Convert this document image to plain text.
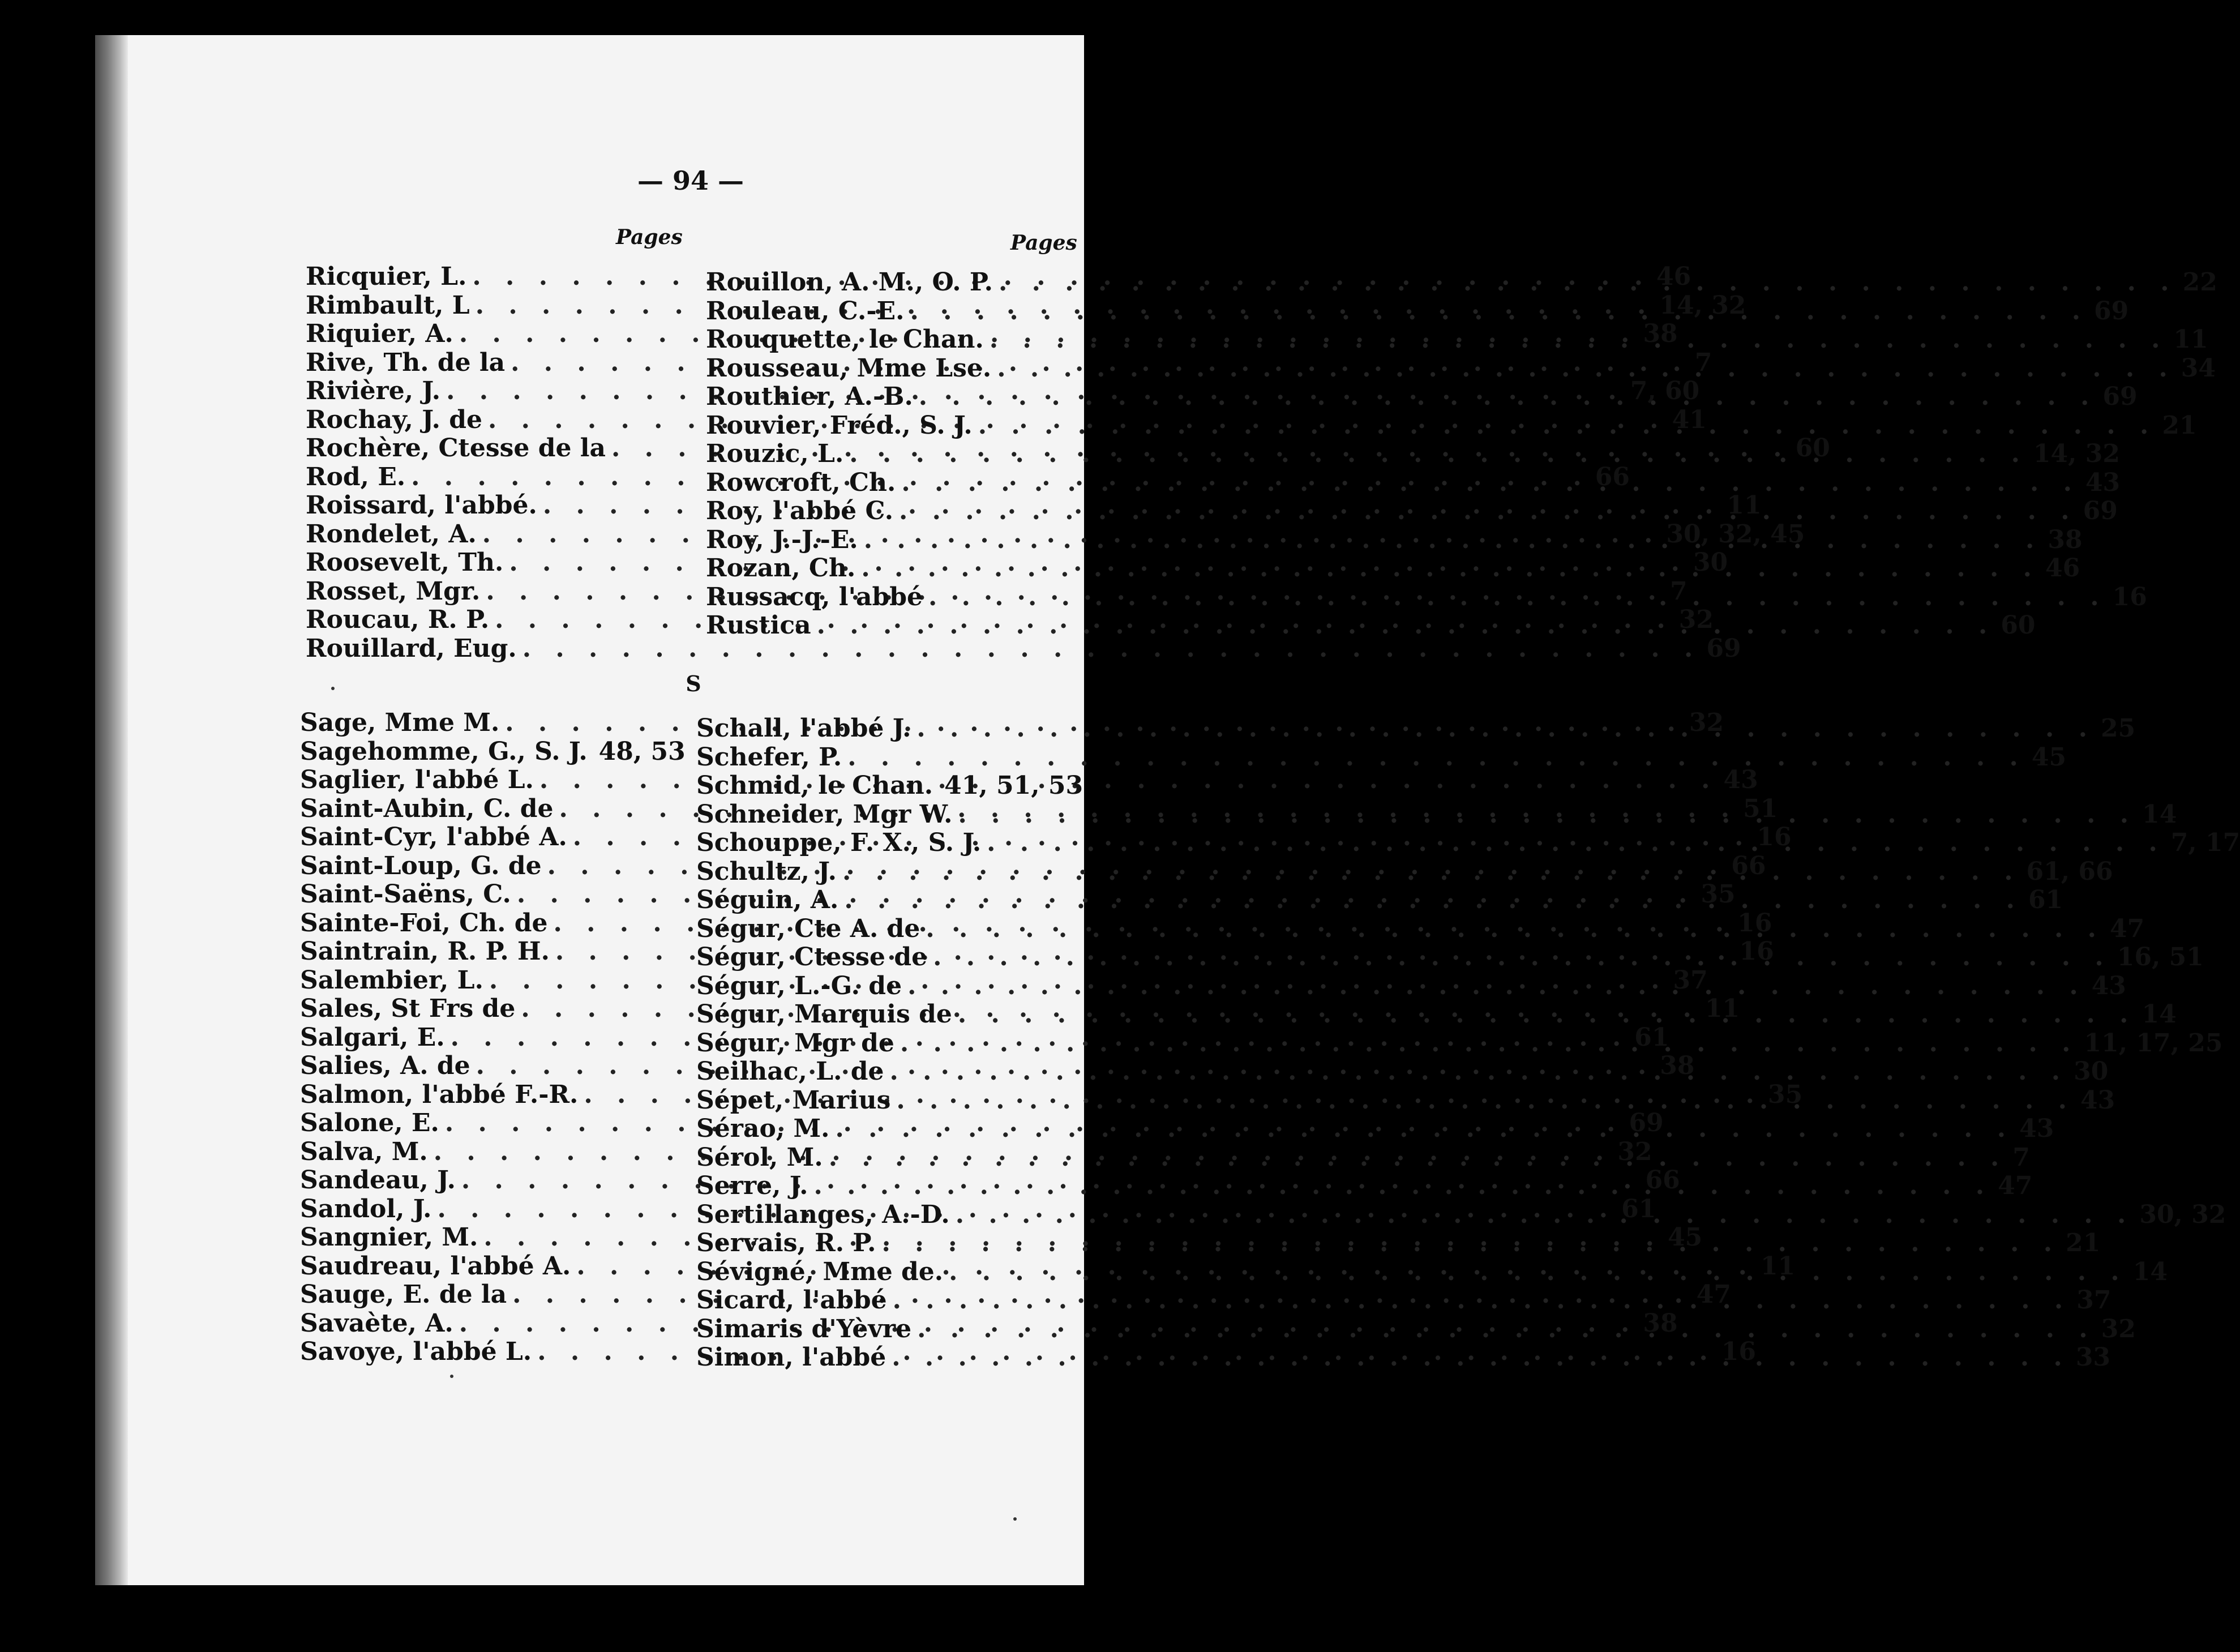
— 94 —
Pages	Pages
Ricquier, L. . . .	46
Rimbault, L . . .	14, 32
Riquier, A. . . .	38
Rive, Th. de la . . .	7
Rivière, J. . . .	7, 60
Rochay, J. de . . .	41
Rochère, Ctesse de la . . .	60
Rod, E. . . .	66
Roissard, l'abbé. . . .	11
Rondelet, A. . . .	30, 32, 45
Roosevelt, Th. . . .	30
Rosset, Mgr. . . .	7
Roucau, R. P. . . .	32
Rouillard, Eug. . . .	69
Rouillon, A. M., O. P. . . .	22
Rouleau, C.-E. . . .	69
Rouquette, le Chan. . . .	11
Rousseau, Mme Lse. . . .	34
Routhier, A.-B. . . .	69
Rouvier, Fréd., S. J. . . .	21
Rouzic, L. . . .	14, 32
Rowcroft, Ch. . . .	43
Roy, l'abbé C. . . .	69
Roy, J.-J.-E. . . .	38
Rozan, Ch. . . .	46
Russacq, l'abbé . . .	16
Rustica . . .	60
S
Sage, Mme M. . . .	32
Sagehomme, G., S. J. 48, 53
Saglier, l'abbé L. . . .	43
Saint-Aubin, C. de . . .	51
Saint-Cyr, l'abbé A. . . .	16
Saint-Loup, G. de . . .	66
Saint-Saëns, C. . . .	35
Sainte-Foi, Ch. de . . .	16
Saintrain, R. P. H. . . .	16
Salembier, L. . . .	37
Sales, St Frs de . . .	11
Salgari, E. . . .	61
Salies, A. de . . .	38
Salmon, l'abbé F.-R. . . .	35
Salone, E. . . .	69
Salva, M. . . .	32
Sandeau, J. . . .	66
Sandol, J. . . .	61
Sangnier, M. . . .	45
Saudreau, l'abbé A. . . .	11
Sauge, E. de la . . .	47
Savaète, A. . . .	38
Savoye, l'abbé L. . . .	16
Schall, l'abbé J. . . .	25
Schefer, P. . . .	45
Schmid, le Chan. 41, 51, 53
Schneider, Mgr W. . . .	14
Schouppe, F. X., S. J. . . .	7, 17
Schultz, J. . . .	61, 66
Séguin, A. . . .	61
Ségur, Cte A. de . . .	47
Ségur, Ctesse de . . .	16, 51
Ségur, L.-G. de . . .	43
Ségur, Marquis de . . .	14
Ségur, Mgr de . . .	11, 17, 25
Seilhac, L. de . . .	30
Sépet, Marius . . .	43
Sérao, M. . . .	43
Sérol, M. . . .	7
Serre, J. . . .	47
Sertillanges, A.-D. . . .	30, 32
Servais, R. P. . . .	21
Sévigné, Mme de. . . .	14
Sicard, l'abbé . . .	37
Simaris d'Yèvre . . .	32
Simon, l'abbé . . .	33
